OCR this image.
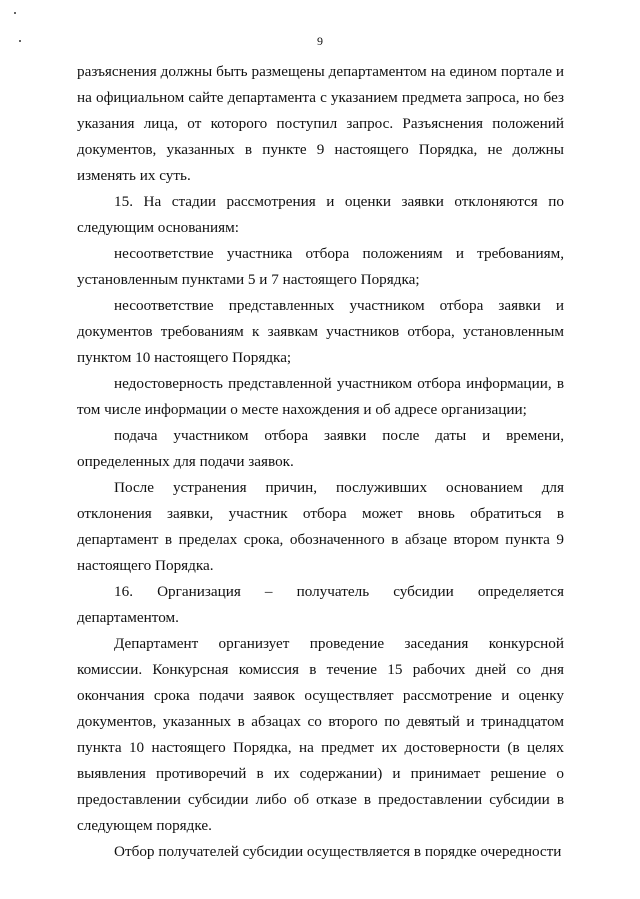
9

разъяснения должны быть размещены департаментом на едином портале и на официальном сайте департамента с указанием предмета запроса, но без указания лица, от которого поступил запрос. Разъяснения положений документов, указанных в пункте 9 настоящего Порядка, не должны изменять их суть.

15. На стадии рассмотрения и оценки заявки отклоняются по следующим основаниям:

несоответствие участника отбора положениям и требованиям, установленным пунктами 5 и 7 настоящего Порядка;

несоответствие представленных участником отбора заявки и документов требованиям к заявкам участников отбора, установленным пунктом 10 настоящего Порядка;

недостоверность представленной участником отбора информации, в том числе информации о месте нахождения и об адресе организации;

подача участником отбора заявки после даты и времени, определенных для подачи заявок.

После устранения причин, послуживших основанием для отклонения заявки, участник отбора может вновь обратиться в департамент в пределах срока, обозначенного в абзаце втором пункта 9 настоящего Порядка.

16. Организация – получатель субсидии определяется департаментом.

Департамент организует проведение заседания конкурсной комиссии. Конкурсная комиссия в течение 15 рабочих дней со дня окончания срока подачи заявок осуществляет рассмотрение и оценку документов, указанных в абзацах со второго по девятый и тринадцатом пункта 10 настоящего Порядка, на предмет их достоверности (в целях выявления противоречий в их содержании) и принимает решение о предоставлении субсидии либо об отказе в предоставлении субсидии в следующем порядке.

Отбор получателей субсидии осуществляется в порядке очередности
